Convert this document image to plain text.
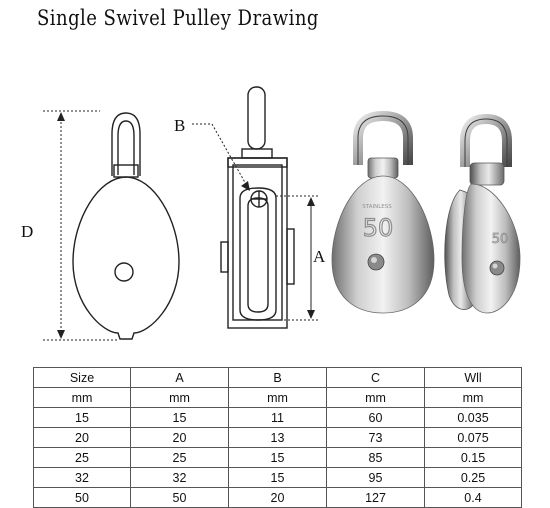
Single Swivel Pulley Drawing
D
A
B
STAINLESS
50	50
Size	A	B	C	Wll
mm	mm	mm	mm	mm
15	15	11	60	0.035
20	20	13	73	0.075
25	25	15	85	0.15
32	32	15	95	0.25
50	50	20	127	0.4
